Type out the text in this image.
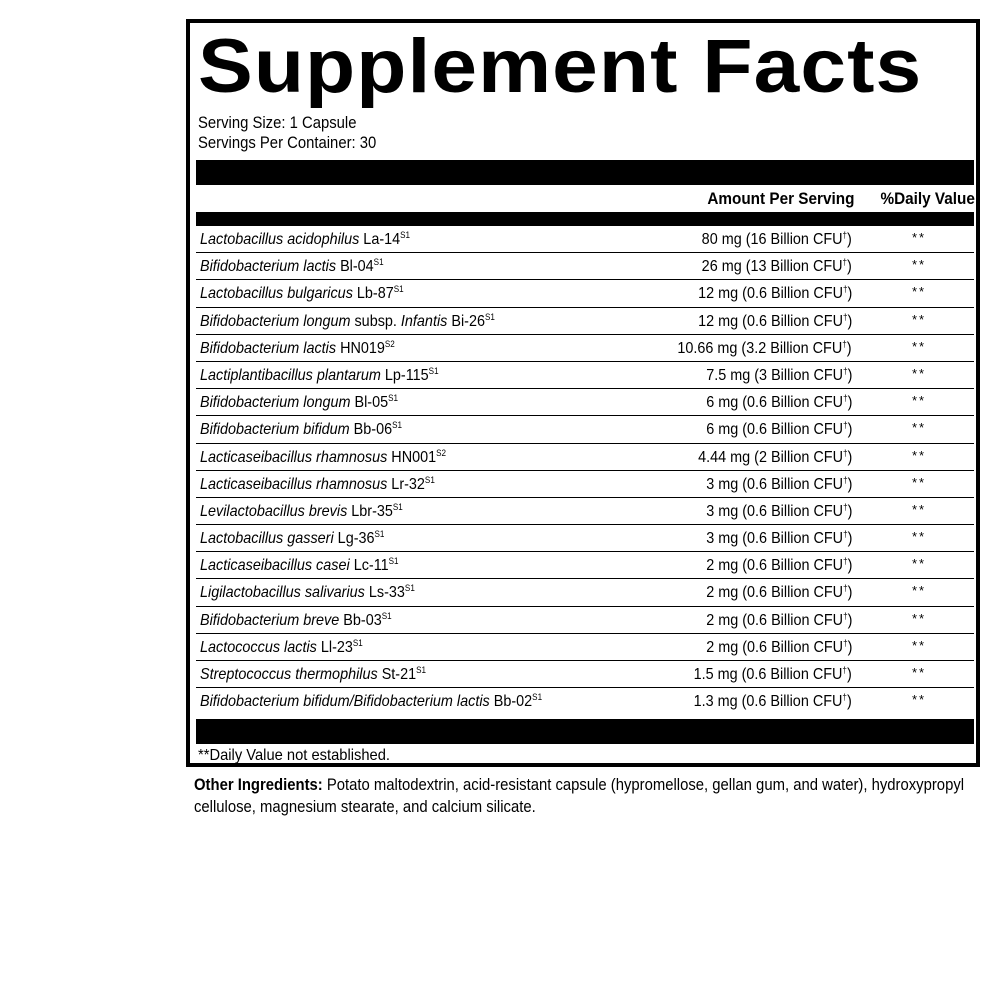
Supplement Facts
Serving Size: 1 Capsule
Servings Per Container: 30
Amount Per Serving %Daily Value
Lactobacillus acidophilus $La-14^{S1}$	80 mg (16 Billion CFU†)	**
Bifidobacterium lactis $Bl-04^{S1}$	26 mg (13 Billion CFU†)	**
Lactobacillus bulgaricus $Lb-87^{S1}$	12 mg (0.6 Billion CFU†)	**
Bifidobacterium longum subsp. Infantis $Bi-26^{S1}$	12 mg (0.6 Billion CFU†)	**
Bifidobacterium lactis $HN019^{S2}$	10.66 mg (3.2 Billion CFU†)	**
Lactiplantibacillus plantarum $Lp-115^{S1}$	7.5 mg (3 Billion CFU†)	**
Bifidobacterium longum $Bl-05^{S1}$	6 mg (0.6 Billion CFU†)	**
Bifidobacterium bifidum $Bb-06^{S1}$	6 mg (0.6 Billion CFU†)	**
Lacticaseibacillus rhamnosus $HN001^{S2}$	4.44 mg (2 Billion CFU†)	**
Lacticaseibacillus rhamnosus $Lr-32^{S1}$	3 mg (0.6 Billion CFU†)	**
Levilactobacillus brevis Lbr-$35^{S1}$	3 mg (0.6 Billion CFU†)	**
Lactobacillus gasseri $Lg-36^{S1}$	3 mg (0.6 Billion CFU†)	**
Lacticaseibacillus casei $Lc-11^{S1}$	2 mg (0.6 Billion CFU†)	**
Ligilactobacillus salivarius $Ls-33^{S1}$	2 mg (0.6 Billion CFU†)	**
Bifidobacterium breve $Bb-03^{S1}$	2 mg (0.6 Billion CFU†)	**
Lactococcus lactis $Ll-23^{S1}$	2 mg (0.6 Billion CFU†)	**
Streptococcus thermophilus $St-21^{S1}$	1.5 mg (0.6 Billion CFU†)	**
Bifidobacterium bifidum/Bifidobacterium lactis $Bb-02^{S1}$	1.3 mg (0.6 Billion CFU†)	**
**Daily Value not established.
Other Ingredients: Potato maltodextrin, acid-resistant capsule (hypromellose, gellan gum, and water), hydroxypropyl cellulose, magnesium stearate, and calcium silicate.
